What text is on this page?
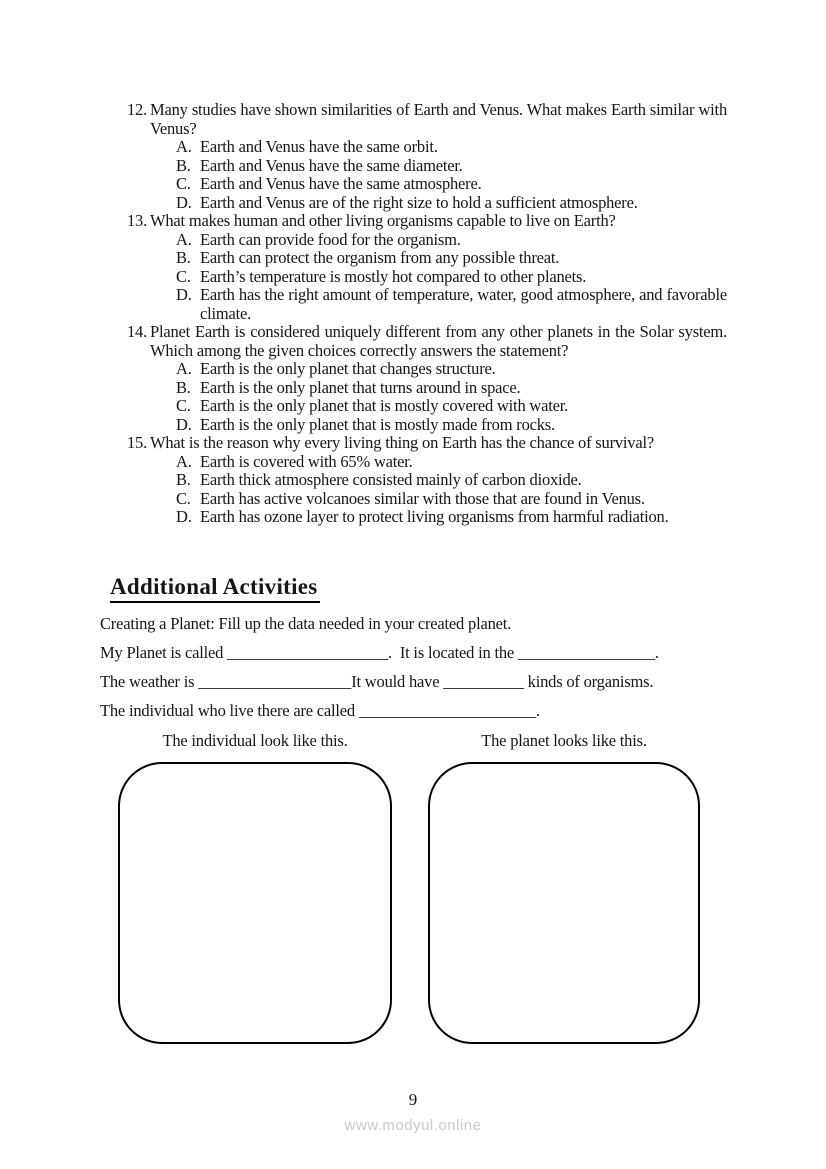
12. Many studies have shown similarities of Earth and Venus. What makes Earth similar with Venus?

A. Earth and Venus have the same orbit.
B. Earth and Venus have the same diameter.
C. Earth and Venus have the same atmosphere.
D. Earth and Venus are of the right size to hold a sufficient atmosphere.
13. What makes human and other living organisms capable to live on Earth?

A. Earth can provide food for the organism.
B. Earth can protect the organism from any possible threat.
C. Earth’s temperature is mostly hot compared to other planets.
D. Earth has the right amount of temperature, water, good atmosphere, and favorable climate.
14. Planet Earth is considered uniquely different from any other planets in the Solar system. Which among the given choices correctly answers the statement?

A. Earth is the only planet that changes structure.
B. Earth is the only planet that turns around in space.
C. Earth is the only planet that is mostly covered with water.
D. Earth is the only planet that is mostly made from rocks.
15. What is the reason why every living thing on Earth has the chance of survival?

A. Earth is covered with 65% water.
B. Earth thick atmosphere consisted mainly of carbon dioxide.
C. Earth has active volcanoes similar with those that are found in Venus.
D. Earth has ozone layer to protect living organisms from harmful radiation.
Additional Activities

Creating a Planet: Fill up the data needed in your created planet.

My Planet is called ____________________.  It is located in the _________________.

The weather is ___________________It would have __________ kinds of organisms.

The individual who live there are called ______________________.

The individual look like this.	The planet looks like this.
9
www.modyul.online
